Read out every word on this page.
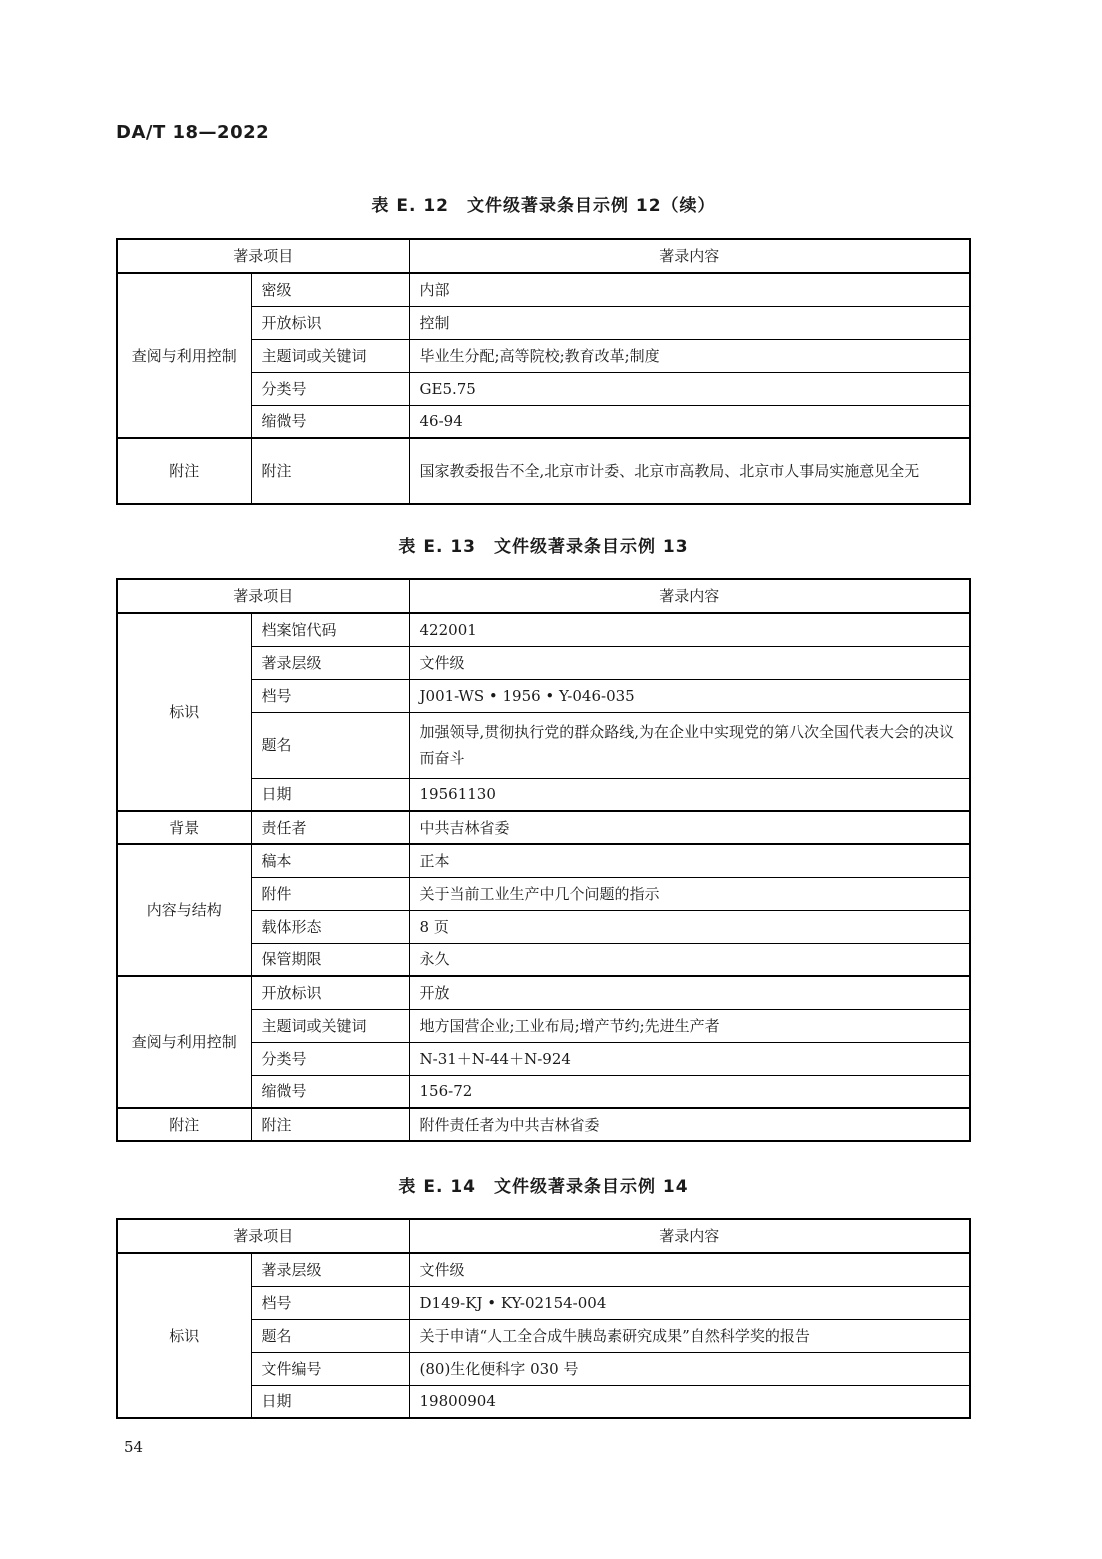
DA/T 18—2022
表 E. 12　文件级著录条目示例 12（续）
著录项目		著录内容
查阅与利用控制	密级	内部
	开放标识	控制
	主题词或关键词	毕业生分配;高等院校;教育改革;制度
	分类号	GE5.75
	缩微号	46-94
附注	附注	国家教委报告不全,北京市计委、北京市高教局、北京市人事局实施意见全无
表 E. 13　文件级著录条目示例 13
著录项目		著录内容
标识	档案馆代码	422001
	著录层级	文件级
	档号	J001-WS • 1956 • Y-046-035
	题名	加强领导,贯彻执行党的群众路线,为在企业中实现党的第八次全国代表大会的决议而奋斗
	日期	19561130
背景	责任者	中共吉林省委
内容与结构	稿本	正本
	附件	关于当前工业生产中几个问题的指示
	载体形态	8 页
	保管期限	永久
查阅与利用控制	开放标识	开放
	主题词或关键词	地方国营企业;工业布局;增产节约;先进生产者
	分类号	N-31＋N-44＋N-924
	缩微号	156-72
附注	附注	附件责任者为中共吉林省委
表 E. 14　文件级著录条目示例 14
著录项目		著录内容
标识	著录层级	文件级
	档号	D149-KJ • KY-02154-004
	题名	关于申请“人工全合成牛胰岛素研究成果”自然科学奖的报告
	文件编号	(80)生化便科字 030 号
	日期	19800904
54
